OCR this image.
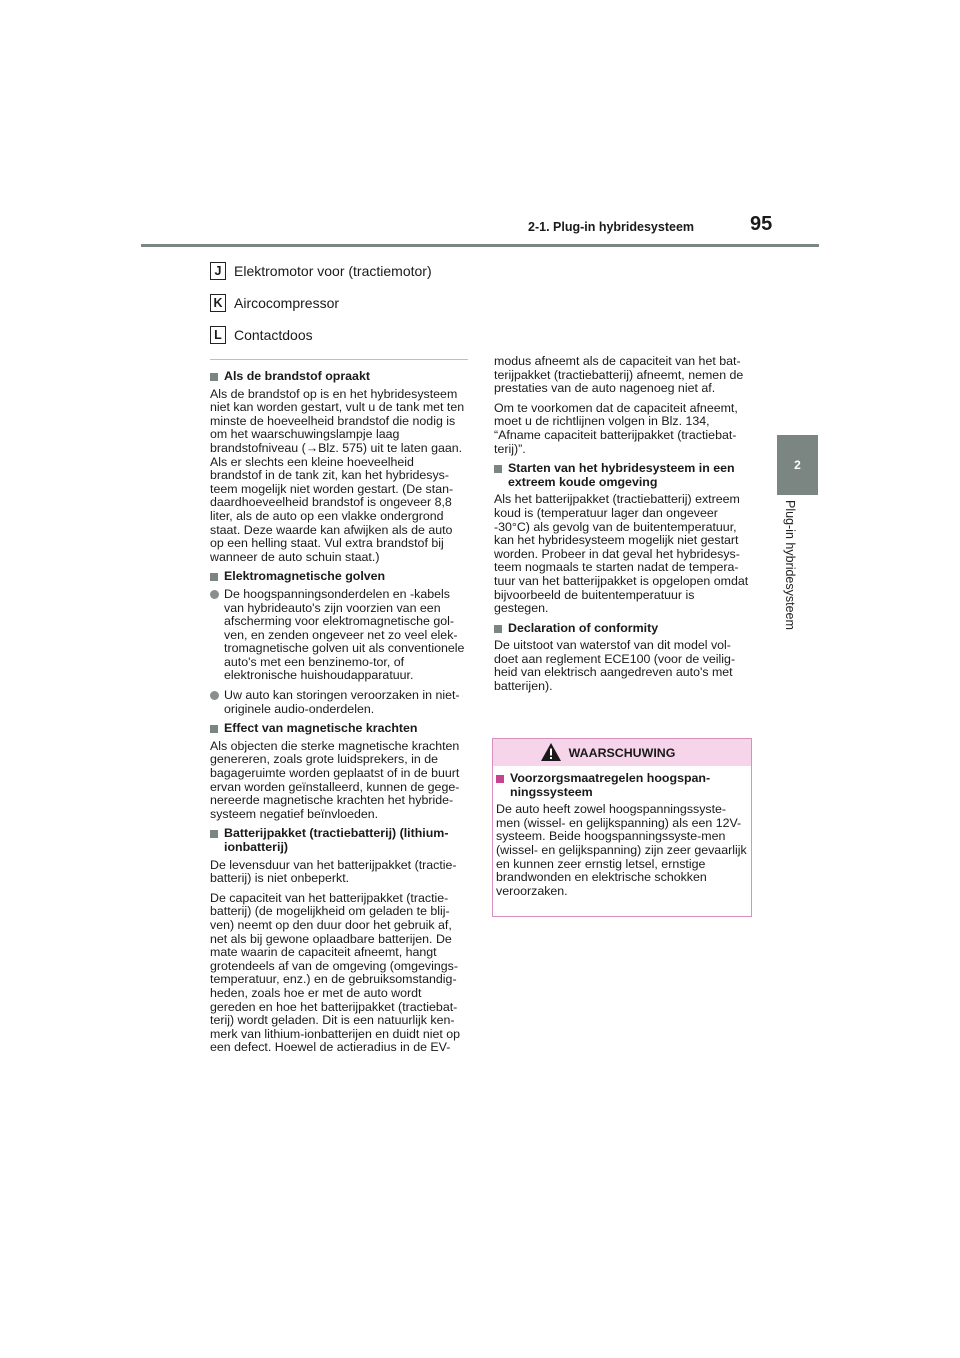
2-1. Plug-in hybridesysteem	95
2
Plug-in hybridesysteem
J Elektromotor voor (tractiemotor)
K Aircocompressor
L Contactdoos
Als de brandstof opraakt

Als de brandstof op is en het hybridesysteem niet kan worden gestart, vult u de tank met ten minste de hoeveelheid brandstof die nodig is om het waarschuwingslampje laag brandstofniveau (→Blz. 575) uit te laten gaan. Als er slechts een kleine hoeveelheid brandstof in de tank zit, kan het hybridesys-teem mogelijk niet worden gestart. (De stan-daardhoeveelheid brandstof is ongeveer 8,8 liter, als de auto op een vlakke ondergrond staat. Deze waarde kan afwijken als de auto op een helling staat. Vul extra brandstof bij wanneer de auto schuin staat.)

Elektromagnetische golven
De hoogspanningsonderdelen en -kabels van hybrideauto's zijn voorzien van een afscherming voor elektromagnetische gol-ven, en zenden ongeveer net zo veel elek-tromagnetische golven uit als conventionele auto's met een benzinemo-tor, of elektronische huishoudapparatuur.
Uw auto kan storingen veroorzaken in niet-originele audio-onderdelen.
Effect van magnetische krachten

Als objecten die sterke magnetische krachten genereren, zoals grote luidsprekers, in de bagageruimte worden geplaatst of in de buurt ervan worden geïnstalleerd, kunnen de gege-nereerde magnetische krachten het hybride-systeem negatief beïnvloeden.

Batterijpakket (tractiebatterij) (lithium-ionbatterij)

De levensduur van het batterijpakket (tractie-batterij) is niet onbeperkt.

De capaciteit van het batterijpakket (tractie-batterij) (de mogelijkheid om geladen te blij-ven) neemt op den duur door het gebruik af, net als bij gewone oplaadbare batterijen. De mate waarin de capaciteit afneemt, hangt grotendeels af van de omgeving (omgevings-temperatuur, enz.) en de gebruiksomstandig-heden, zoals hoe er met de auto wordt gereden en hoe het batterijpakket (tractiebat-terij) wordt geladen. Dit is een natuurlijk ken-merk van lithium-ionbatterijen en duidt niet op een defect. Hoewel de actieradius in de EV-

modus afneemt als de capaciteit van het bat-terijpakket (tractiebatterij) afneemt, nemen de prestaties van de auto nagenoeg niet af.

Om te voorkomen dat de capaciteit afneemt, moet u de richtlijnen volgen in Blz. 134, “Afname capaciteit batterijpakket (tractiebat-terij)”.

Starten van het hybridesysteem in een extreem koude omgeving

Als het batterijpakket (tractiebatterij) extreem koud is (temperatuur lager dan ongeveer -30°C) als gevolg van de buitentemperatuur, kan het hybridesysteem mogelijk niet gestart worden. Probeer in dat geval het hybridesys-teem nogmaals te starten nadat de tempera-tuur van het batterijpakket is opgelopen omdat bijvoorbeeld de buitentemperatuur is gestegen.

Declaration of conformity

De uitstoot van waterstof van dit model vol-doet aan reglement ECE100 (voor de veilig-heid van elektrisch aangedreven auto's met batterijen).

WAARSCHUWING
Voorzorgsmaatregelen hoogspan-ningssysteem

De auto heeft zowel hoogspanningssyste-men (wissel- en gelijkspanning) als een 12V-systeem. Beide hoogspanningssyste-men (wissel- en gelijkspanning) zijn zeer gevaarlijk en kunnen zeer ernstig letsel, ernstige brandwonden en elektrische schokken veroorzaken.
